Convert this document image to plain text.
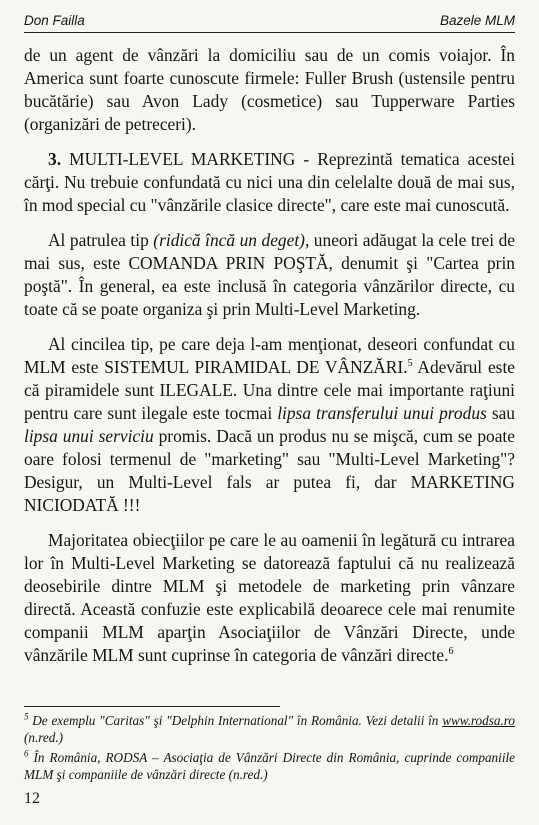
Don Failla	Bazele MLM

de un agent de vânzări la domiciliu sau de un comis voiajor. În America sunt foarte cunoscute firmele: Fuller Brush (ustensile pentru bucătărie) sau Avon Lady (cosmetice) sau Tupperware Parties (organizări de petreceri).

3. MULTI-LEVEL MARKETING - Reprezintă tematica acestei cărţi. Nu trebuie confundată cu nici una din celelalte două de mai sus, în mod special cu "vânzările clasice directe", care este mai cunoscută.

Al patrulea tip (ridică încă un deget), uneori adăugat la cele trei de mai sus, este COMANDA PRIN POŞTĂ, denumit şi "Cartea prin poştă". În general, ea este inclusă în categoria vânzărilor directe, cu toate că se poate organiza şi prin Multi-Level Marketing.

Al cincilea tip, pe care deja l-am menţionat, deseori confundat cu MLM este SISTEMUL PIRAMIDAL DE VÂNZĂRI.$^5$ Adevărul este că piramidele sunt ILEGALE. Una dintre cele mai importante raţiuni pentru care sunt ilegale este tocmai lipsa transferului unui produs sau lipsa unui serviciu promis. Dacă un produs nu se mişcă, cum se poate oare folosi termenul de "marketing" sau "Multi-Level Marketing"? Desigur, un Multi-Level fals ar putea fi, dar MARKETING NICIODATĂ !!!

Majoritatea obiecţiilor pe care le au oamenii în legătură cu intrarea lor în Multi-Level Marketing se datorează faptului că nu realizează deosebirile dintre MLM şi metodele de marketing prin vânzare directă. Această confuzie este explicabilă deoarece cele mai renumite companii MLM aparţin Asociaţiilor de Vânzări Directe, unde vânzările MLM sunt cuprinse în categoria de vânzări directe.$^6$

$^5$ De exemplu "Caritas" şi "Delphin International" în România. Vezi detalii în www.rodsa.ro (n.red.)

$^6$ În România, RODSA – Asociaţia de Vânzări Directe din România, cuprinde companiile MLM şi companiile de vânzări directe (n.red.)

12
